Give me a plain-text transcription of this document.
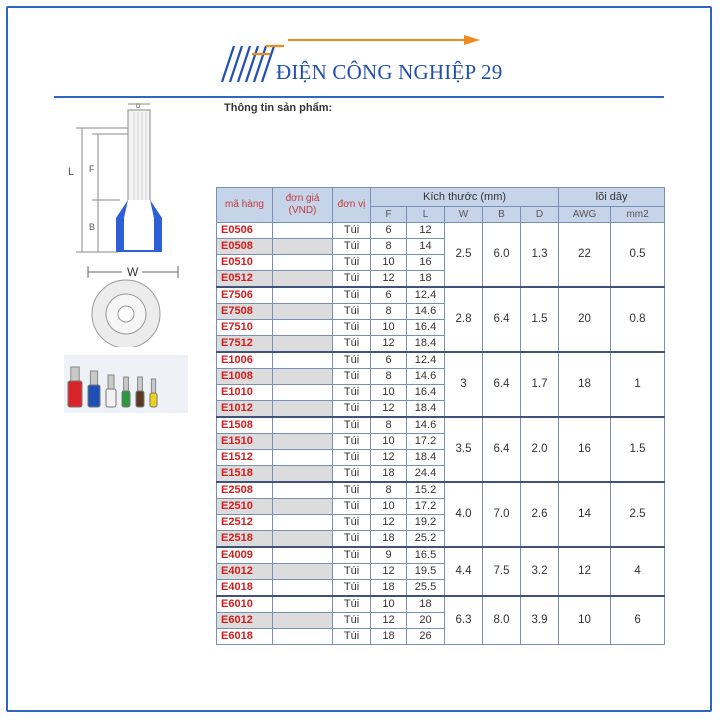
ĐIỆN CÔNG NGHIỆP 29
Thông tin sản phẩm:
L F
B
D
W
mã hàng	đơn giá (VND)	đơn vị	Kích thước (mm)					lõi dây	
			F	L	W	B	D	AWG	mm2
E0506		Túi	6	12	2.5	6.0	1.3	22	0.5
E0508		Túi	8	14					
E0510		Túi	10	16					
E0512		Túi	12	18					
E7506		Túi	6	12.4	2.8	6.4	1.5	20	0.8
E7508		Túi	8	14.6					
E7510		Túi	10	16.4					
E7512		Túi	12	18.4					
E1006		Túi	6	12.4	3	6.4	1.7	18	1
E1008		Túi	8	14.6					
E1010		Túi	10	16.4					
E1012		Túi	12	18.4					
E1508		Túi	8	14.6	3.5	6.4	2.0	16	1.5
E1510		Túi	10	17.2					
E1512		Túi	12	18.4					
E1518		Túi	18	24.4					
E2508		Túi	8	15.2	4.0	7.0	2.6	14	2.5
E2510		Túi	10	17.2					
E2512		Túi	12	19.2					
E2518		Túi	18	25.2					
E4009		Túi	9	16.5	4.4	7.5	3.2	12	4
E4012		Túi	12	19.5					
E4018		Túi	18	25.5					
E6010		Túi	10	18	6.3	8.0	3.9	10	6
E6012		Túi	12	20					
E6018		Túi	18	26					
